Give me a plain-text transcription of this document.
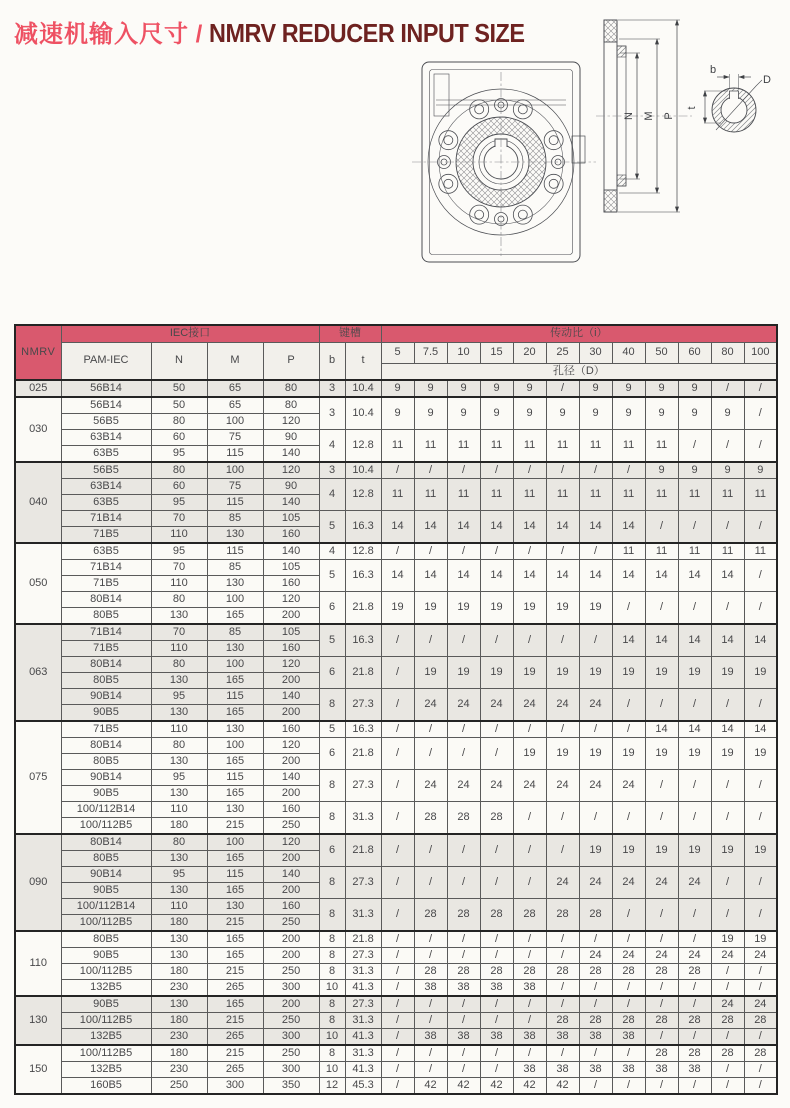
减速机输入尺寸 / NMRV REDUCER INPUT SIZE
N M P
b
D
t
NMRV	IEC接口				键槽		传动比（i）											
	PAM-IEC	N	M	P	b	t	5	7.5	10	15	20	25	30	40	50	60	80	100
							孔径（D）											
025	56B14	50	65	80	3	10.4	9	9	9	9	9	/	9	9	9	9	/	/
030	56B14	50	65	80	3	10.4	9	9	9	9	9	9	9	9	9	9	9	/
	56B5	80	100	120														
	63B14	60	75	90	4	12.8	11	11	11	11	11	11	11	11	11	/	/	/
	63B5	95	115	140														
040	56B5	80	100	120	3	10.4	/	/	/	/	/	/	/	/	9	9	9	9
	63B14	60	75	90	4	12.8	11	11	11	11	11	11	11	11	11	11	11	11
	63B5	95	115	140														
	71B14	70	85	105	5	16.3	14	14	14	14	14	14	14	14	/	/	/	/
	71B5	110	130	160														
050	63B5	95	115	140	4	12.8	/	/	/	/	/	/	/	11	11	11	11	11
	71B14	70	85	105	5	16.3	14	14	14	14	14	14	14	14	14	14	14	/
	71B5	110	130	160														
	80B14	80	100	120	6	21.8	19	19	19	19	19	19	19	/	/	/	/	/
	80B5	130	165	200														
063	71B14	70	85	105	5	16.3	/	/	/	/	/	/	/	14	14	14	14	14
	71B5	110	130	160														
	80B14	80	100	120	6	21.8	/	19	19	19	19	19	19	19	19	19	19	19
	80B5	130	165	200														
	90B14	95	115	140	8	27.3	/	24	24	24	24	24	24	/	/	/	/	/
	90B5	130	165	200														
075	71B5	110	130	160	5	16.3	/	/	/	/	/	/	/	/	14	14	14	14
	80B14	80	100	120	6	21.8	/	/	/	/	19	19	19	19	19	19	19	19
	80B5	130	165	200														
	90B14	95	115	140	8	27.3	/	24	24	24	24	24	24	24	/	/	/	/
	90B5	130	165	200														
	100/112B14	110	130	160	8	31.3	/	28	28	28	/	/	/	/	/	/	/	/
	100/112B5	180	215	250														
090	80B14	80	100	120	6	21.8	/	/	/	/	/	/	19	19	19	19	19	19
	80B5	130	165	200														
	90B14	95	115	140	8	27.3	/	/	/	/	/	24	24	24	24	24	/	/
	90B5	130	165	200														
	100/112B14	110	130	160	8	31.3	/	28	28	28	28	28	28	/	/	/	/	/
	100/112B5	180	215	250														
110	80B5	130	165	200	8	21.8	/	/	/	/	/	/	/	/	/	/	19	19
	90B5	130	165	200	8	27.3	/	/	/	/	/	/	24	24	24	24	24	24
	100/112B5	180	215	250	8	31.3	/	28	28	28	28	28	28	28	28	28	/	/
	132B5	230	265	300	10	41.3	/	38	38	38	38	/	/	/	/	/	/	/
130	90B5	130	165	200	8	27.3	/	/	/	/	/	/	/	/	/	/	24	24
	100/112B5	180	215	250	8	31.3	/	/	/	/	/	28	28	28	28	28	28	28
	132B5	230	265	300	10	41.3	/	38	38	38	38	38	38	38	/	/	/	/
150	100/112B5	180	215	250	8	31.3	/	/	/	/	/	/	/	/	28	28	28	28
	132B5	230	265	300	10	41.3	/	/	/	/	38	38	38	38	38	38	/	/
	160B5	250	300	350	12	45.3	/	42	42	42	42	42	/	/	/	/	/	/
